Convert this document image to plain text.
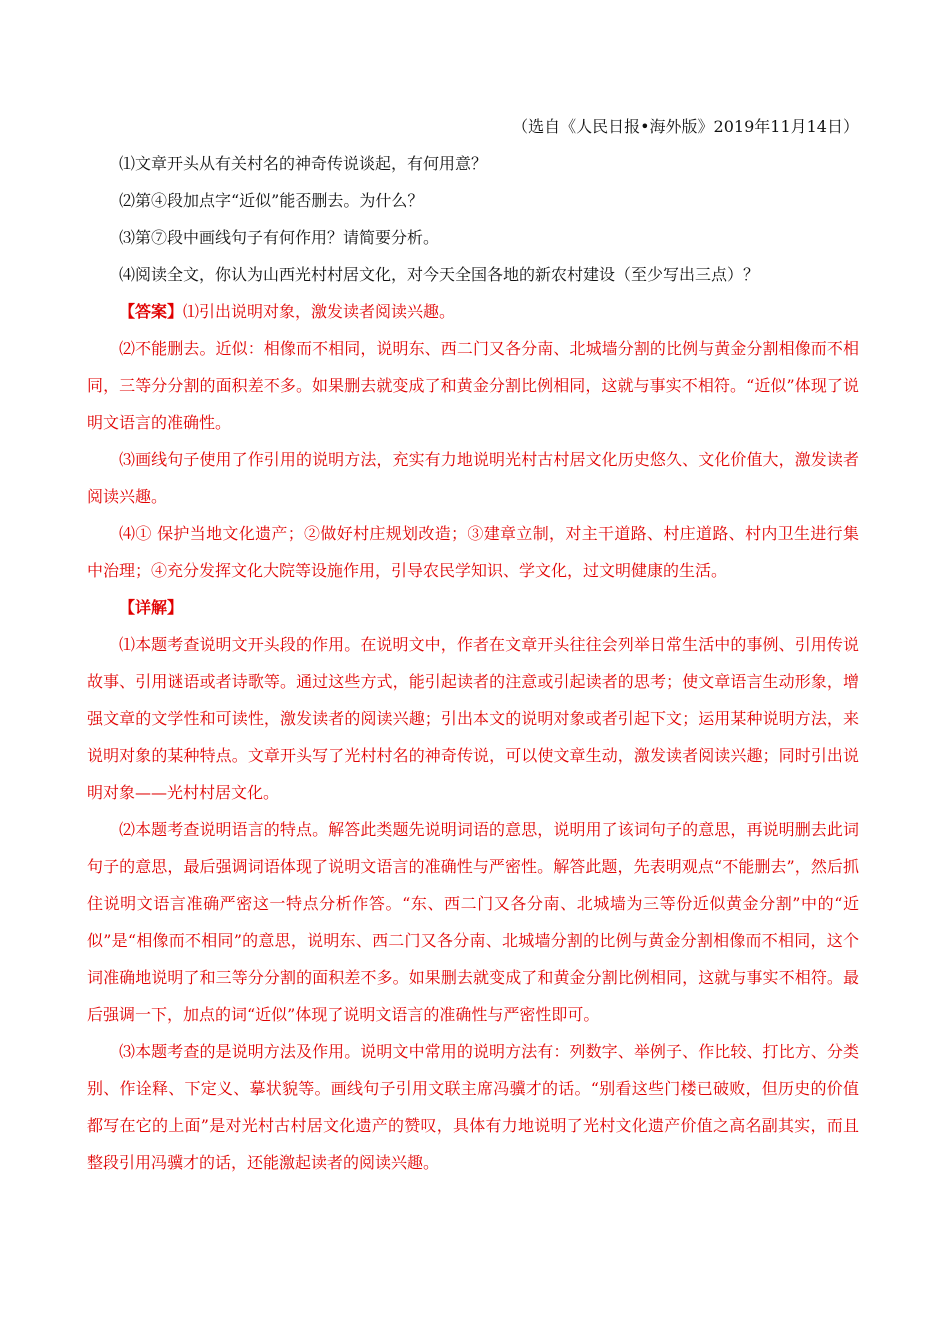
（选自《人民日报•海外版》2019年11月14日）
⑴文章开头从有关村名的神奇传说谈起，有何用意？
⑵第④段加点字“近似”能否删去。为什么？
⑶第⑦段中画线句子有何作用？请简要分析。
⑷阅读全文，你认为山西光村村居文化，对今天全国各地的新农村建设（至少写出三点）？
【答案】⑴引出说明对象，激发读者阅读兴趣。
⑵不能删去。近似：相像而不相同，说明东、西二门又各分南、北城墙分割的比例与黄金分割相像而不相同，三等分分割的面积差不多。如果删去就变成了和黄金分割比例相同，这就与事实不相符。“近似”体现了说明文语言的准确性。
⑶画线句子使用了作引用的说明方法，充实有力地说明光村古村居文化历史悠久、文化价值大，激发读者阅读兴趣。
⑷① 保护当地文化遗产；②做好村庄规划改造；③建章立制，对主干道路、村庄道路、村内卫生进行集中治理；④充分发挥文化大院等设施作用，引导农民学知识、学文化，过文明健康的生活。
【详解】
⑴本题考查说明文开头段的作用。在说明文中，作者在文章开头往往会列举日常生活中的事例、引用传说故事、引用谜语或者诗歌等。通过这些方式，能引起读者的注意或引起读者的思考；使文章语言生动形象，增强文章的文学性和可读性，激发读者的阅读兴趣；引出本文的说明对象或者引起下文；运用某种说明方法，来说明对象的某种特点。文章开头写了光村村名的神奇传说，可以使文章生动，激发读者阅读兴趣；同时引出说明对象——光村村居文化。
⑵本题考查说明语言的特点。解答此类题先说明词语的意思，说明用了该词句子的意思，再说明删去此词句子的意思，最后强调词语体现了说明文语言的准确性与严密性。解答此题，先表明观点“不能删去”，然后抓住说明文语言准确严密这一特点分析作答。“东、西二门又各分南、北城墙为三等份近似黄金分割”中的“近似”是“相像而不相同”的意思，说明东、西二门又各分南、北城墙分割的比例与黄金分割相像而不相同，这个词准确地说明了和三等分分割的面积差不多。如果删去就变成了和黄金分割比例相同，这就与事实不相符。最后强调一下，加点的词“近似”体现了说明文语言的准确性与严密性即可。
⑶本题考查的是说明方法及作用。说明文中常用的说明方法有：列数字、举例子、作比较、打比方、分类别、作诠释、下定义、摹状貌等。画线句子引用文联主席冯骥才的话。“别看这些门楼已破败，但历史的价值都写在它的上面”是对光村古村居文化遗产的赞叹，具体有力地说明了光村文化遗产价值之高名副其实，而且整段引用冯骥才的话，还能激起读者的阅读兴趣。
